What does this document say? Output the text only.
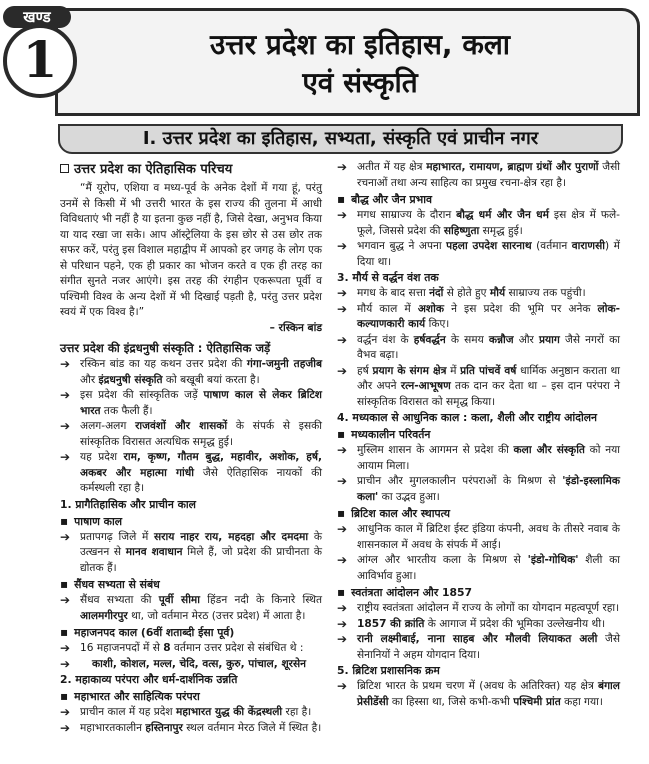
खण्ड
1	उत्तर प्रदेश का इतिहास, कला
एवं संस्कृति
I. उत्तर प्रदेश का इतिहास, सभ्यता, संस्कृति एवं प्राचीन नगर
उत्तर प्रदेश का ऐतिहासिक परिचय
“मैं यूरोप, एशिया व मध्य-पूर्व के अनेक देशों में गया हूं, परंतु उनमें से किसी में भी उत्तरी भारत के इस राज्य की तुलना में आधी विविधताएं भी नहीं है या इतना कुछ नहीं है, जिसे देखा, अनुभव किया या याद रखा जा सके। आप ऑस्ट्रेलिया के इस छोर से उस छोर तक सफर करें, परंतु इस विशाल महाद्वीप में आपको हर जगह के लोग एक से परिधान पहने, एक ही प्रकार का भोजन करते व एक ही तरह का संगीत सुनते नजर आएंगे। इस तरह की रंगहीन एकरूपता पूर्वी व पश्चिमी विश्व के अन्य देशों में भी दिखाई पड़ती है, परंतु उत्तर प्रदेश स्वयं में एक विश्व है।”
– रस्किन बांड
उत्तर प्रदेश की इंद्रधनुषी संस्कृति : ऐतिहासिक जड़ें
➔ रस्किन बांड का यह कथन उत्तर प्रदेश की गंगा-जमुनी तहजीब और इंद्रधनुषी संस्कृति को बखूबी बयां करता है।
➔ इस प्रदेश की सांस्कृतिक जड़ें पाषाण काल से लेकर ब्रिटिश भारत तक फैली हैं।
➔ अलग-अलग राजवंशों और शासकों के संपर्क से इसकी सांस्कृतिक विरासत अत्यधिक समृद्ध हुई।
➔ यह प्रदेश राम, कृष्ण, गौतम बुद्ध, महावीर, अशोक, हर्ष, अकबर और महात्मा गांधी जैसे ऐतिहासिक नायकों की कर्मस्थली रहा है।
1. प्रागैतिहासिक और प्राचीन काल
▪ पाषाण काल
➔ प्रतापगढ़ जिले में सराय नाहर राय, महदहा और दमदमा के उत्खनन से मानव शवाधान मिले हैं, जो प्रदेश की प्राचीनता के द्योतक हैं।
▪ सैंधव सभ्यता से संबंध
➔ सैंधव सभ्यता की पूर्वी सीमा हिंडन नदी के किनारे स्थित आलमगीरपुर था, जो वर्तमान मेरठ (उत्तर प्रदेश) में आता है।
▪ महाजनपद काल (6वीं शताब्दी ईसा पूर्व)
➔ 16 महाजनपदों में से 8 वर्तमान उत्तर प्रदेश से संबंधित थे :
➔ काशी, कोशल, मल्ल, चेदि, वत्स, कुरु, पांचाल, शूरसेन
2. महाकाव्य परंपरा और धर्म-दार्शनिक उन्नति
▪ महाभारत और साहित्यिक परंपरा
➔ प्राचीन काल में यह प्रदेश महाभारत युद्ध की केंद्रस्थली रहा है।
➔ महाभारतकालीन हस्तिनापुर स्थल वर्तमान मेरठ जिले में स्थित है।
➔ अतीत में यह क्षेत्र महाभारत, रामायण, ब्राह्मण ग्रंथों और पुराणों जैसी रचनाओं तथा अन्य साहित्य का प्रमुख रचना-क्षेत्र रहा है।
▪ बौद्ध और जैन प्रभाव
➔ मगध साम्राज्य के दौरान बौद्ध धर्म और जैन धर्म इस क्षेत्र में फले-फूले, जिससे प्रदेश की सहिष्णुता समृद्ध हुई।
➔ भगवान बुद्ध ने अपना पहला उपदेश सारनाथ (वर्तमान वाराणसी) में दिया था।
3. मौर्य से वर्द्धन वंश तक
➔ मगध के बाद सत्ता नंदों से होते हुए मौर्य साम्राज्य तक पहुंची।
➔ मौर्य काल में अशोक ने इस प्रदेश की भूमि पर अनेक लोक-कल्याणकारी कार्य किए।
➔ वर्द्धन वंश के हर्षवर्द्धन के समय कन्नौज और प्रयाग जैसे नगरों का वैभव बढ़ा।
➔ हर्ष प्रयाग के संगम क्षेत्र में प्रति पांचवें वर्ष धार्मिक अनुष्ठान कराता था और अपने रत्न-आभूषण तक दान कर देता था – इस दान परंपरा ने सांस्कृतिक विरासत को समृद्ध किया।
4. मध्यकाल से आधुनिक काल : कला, शैली और राष्ट्रीय आंदोलन
▪ मध्यकालीन परिवर्तन
➔ मुस्लिम शासन के आगमन से प्रदेश की कला और संस्कृति को नया आयाम मिला।
➔ प्राचीन और मुगलकालीन परंपराओं के मिश्रण से 'इंडो-इस्लामिक कला' का उद्भव हुआ।
▪ ब्रिटिश काल और स्थापत्य
➔ आधुनिक काल में ब्रिटिश ईस्ट इंडिया कंपनी, अवध के तीसरे नवाब के शासनकाल में अवध के संपर्क में आई।
➔ आंग्ल और भारतीय कला के मिश्रण से 'इंडो-गोथिक' शैली का आविर्भाव हुआ।
▪ स्वतंत्रता आंदोलन और 1857
➔ राष्ट्रीय स्वतंत्रता आंदोलन में राज्य के लोगों का योगदान महत्वपूर्ण रहा।
➔ 1857 की क्रांति के आगाज में प्रदेश की भूमिका उल्लेखनीय थी।
➔ रानी लक्ष्मीबाई, नाना साहब और मौलवी लियाकत अली जैसे सेनानियों ने अहम योगदान दिया।
5. ब्रिटिश प्रशासनिक क्रम
➔ ब्रिटिश भारत के प्रथम चरण में (अवध के अतिरिक्त) यह क्षेत्र बंगाल प्रेसीडेंसी का हिस्सा था, जिसे कभी-कभी पश्चिमी प्रांत कहा गया।
